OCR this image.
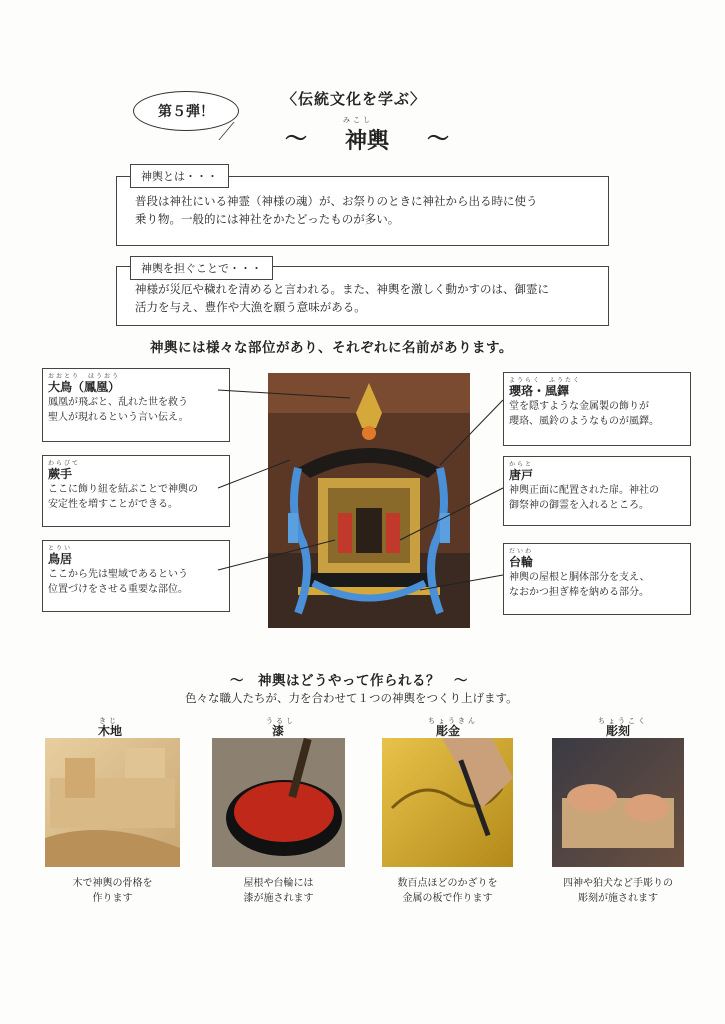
第５弾！
〈伝統文化を学ぶ〉
みこし
〜	神輿	〜
神輿とは・・・
普段は神社にいる神霊（神様の魂）が、お祭りのときに神社から出る時に使う
乗り物。一般的には神社をかたどったものが多い。
神輿を担ぐことで・・・
神様が災厄や穢れを清めると言われる。また、神輿を激しく動かすのは、御霊に
活力を与え、豊作や大漁を願う意味がある。
神輿には様々な部位があり、それぞれに名前があります。
おおとり　ほうおう
大鳥（鳳凰）
鳳凰が飛ぶと、乱れた世を救う
聖人が現れるという言い伝え。
わらびて
蕨手
ここに飾り紐を結ぶことで神輿の
安定性を増すことができる。
とりい
鳥居
ここから先は聖域であるという
位置づけをさせる重要な部位。
ようらく　ふうたく
瓔珞・風鐸
堂を隠すような金属製の飾りが
瓔珞、風鈴のようなものが風鐸。
からと
唐戸
神輿正面に配置された扉。神社の
御祭神の御霊を入れるところ。
だいわ
台輪
神輿の屋根と胴体部分を支え、
なおかつ担ぎ棒を納める部分。
〜　神輿はどうやって作られる？　〜
色々な職人たちが、力を合わせて１つの神輿をつくり上げます。
きじ
木地
木で神輿の骨格を
作ります
うるし
漆
屋根や台輪には
漆が施されます
ちょうきん
彫金
数百点ほどのかざりを
金属の板で作ります
ちょうこく
彫刻
四神や狛犬など手彫りの
彫刻が施されます
